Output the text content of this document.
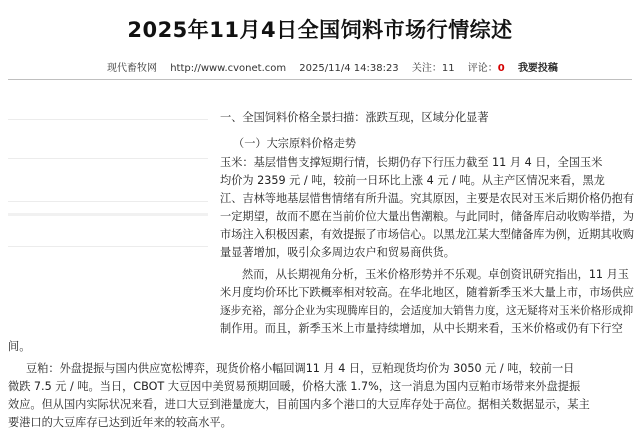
2025年11月4日全国饲料市场行情综述
现代畜牧网 http://www.cvonet.com 2025/11/4 14:38:23 关注：11 评论：0 我要投稿
一、全国饲料价格全景扫描：涨跌互现，区域分化显著
（一）大宗原料价格走势
玉米：基层惜售支撑短期行情，长期仍存下行压力截至 11 月 4 日，全国玉米
均价为 2359 元 / 吨，较前一日环比上涨 4 元 / 吨。从主产区情况来看，黑龙
江、吉林等地基层惜售情绪有所升温。究其原因，主要是农民对玉米后期价格仍抱有
一定期望，故而不愿在当前价位大量出售潮粮。与此同时，储备库启动收购举措，为
市场注入积极因素，有效提振了市场信心。以黑龙江某大型储备库为例，近期其收购
量显著增加，吸引众多周边农户和贸易商供货。
然而，从长期视角分析，玉米价格形势并不乐观。卓创资讯研究指出，11 月玉
米月度均价环比下跌概率相对较高。在华北地区，随着新季玉米大量上市，市场供应
逐步充裕，部分企业为实现腾库目的，会适度加大销售力度，这无疑将对玉米价格形成抑
制作用。而且，新季玉米上市量持续增加，从中长期来看，玉米价格或仍有下行空
间。
豆粕：外盘提振与国内供应宽松博弈，现货价格小幅回调11 月 4 日，豆粕现货均价为 3050 元 / 吨，较前一日
微跌 7.5 元 / 吨。当日，CBOT 大豆因中美贸易预期回暖，价格大涨 1.7%，这一消息为国内豆粕市场带来外盘提振
效应。但从国内实际状况来看，进口大豆到港量庞大，目前国内多个港口的大豆库存处于高位。据相关数据显示，某主
要港口的大豆库存已达到近年来的较高水平。
